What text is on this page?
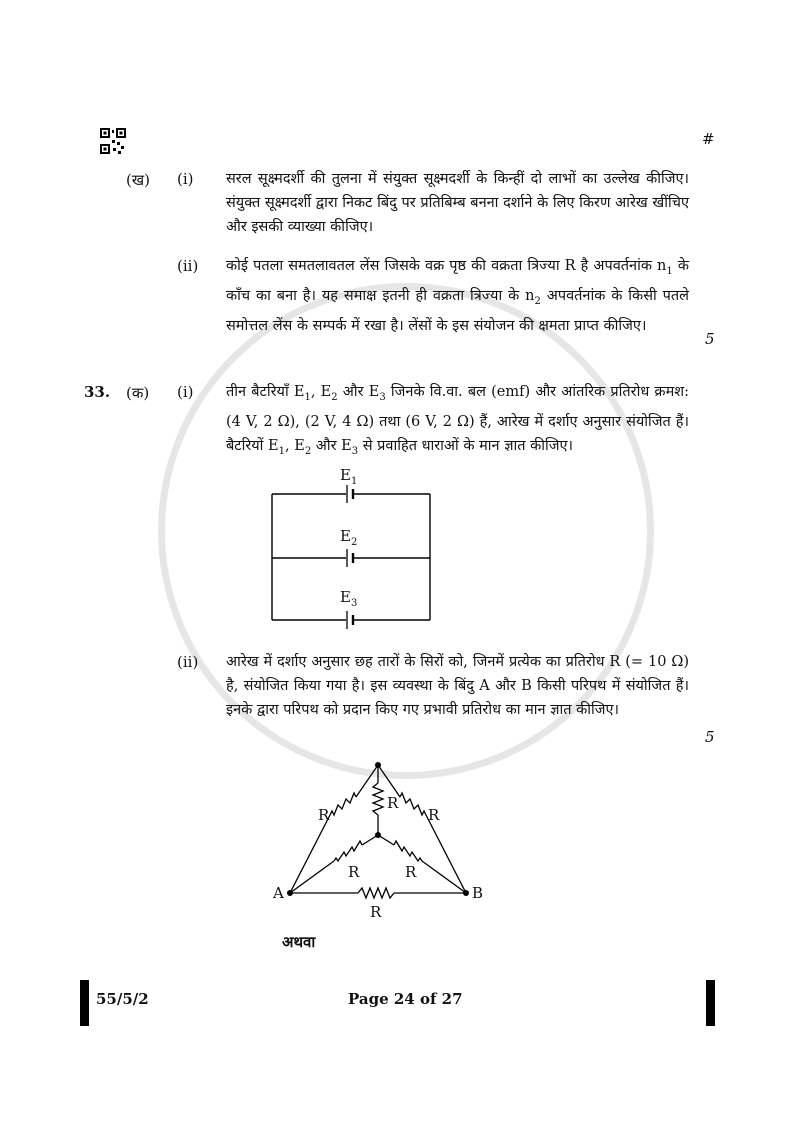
#
(ख) (i) सरल सूक्ष्मदर्शी की तुलना में संयुक्त सूक्ष्मदर्शी के किन्हीं दो लाभों का उल्लेख कीजिए। संयुक्त सूक्ष्मदर्शी द्वारा निकट बिंदु पर प्रतिबिम्ब बनना दर्शाने के लिए किरण आरेख खींचिए और इसकी व्याख्या कीजिए।
(ii) कोई पतला समतलावतल लेंस जिसके वक्र पृष्ठ की वक्रता त्रिज्या R है अपवर्तनांक $n_1$ के काँच का बना है। यह समाक्ष इतनी ही वक्रता त्रिज्या के $n_2$ अपवर्तनांक के किसी पतले समोत्तल लेंस के सम्पर्क में रखा है। लेंसों के इस संयोजन की क्षमता प्राप्त कीजिए।
5
33. (क) (i) तीन बैटरियाँ $E_1$, $E_2$ और $E_3$ जिनके वि.वा. बल (emf) और आंतरिक प्रतिरोध क्रमश: (4 V, 2 Ω), (2 V, 4 Ω) तथा (6 V, 2 Ω) हैं, आरेख में दर्शाए अनुसार संयोजित हैं। बैटरियों $E_1$, $E_2$ और $E_3$ से प्रवाहित धाराओं के मान ज्ञात कीजिए।
$E_1$
$E_2$
$E_3$
(ii) आरेख में दर्शाए अनुसार छह तारों के सिरों को, जिनमें प्रत्येक का प्रतिरोध R (= 10 Ω) है, संयोजित किया गया है। इस व्यवस्था के बिंदु A और B किसी परिपथ में संयोजित हैं। इनके द्वारा परिपथ को प्रदान किए गए प्रभावी प्रतिरोध का मान ज्ञात कीजिए।
5
R
R	R
R	R
R
A	B
अथवा
55/5/2	Page 24 of 27
